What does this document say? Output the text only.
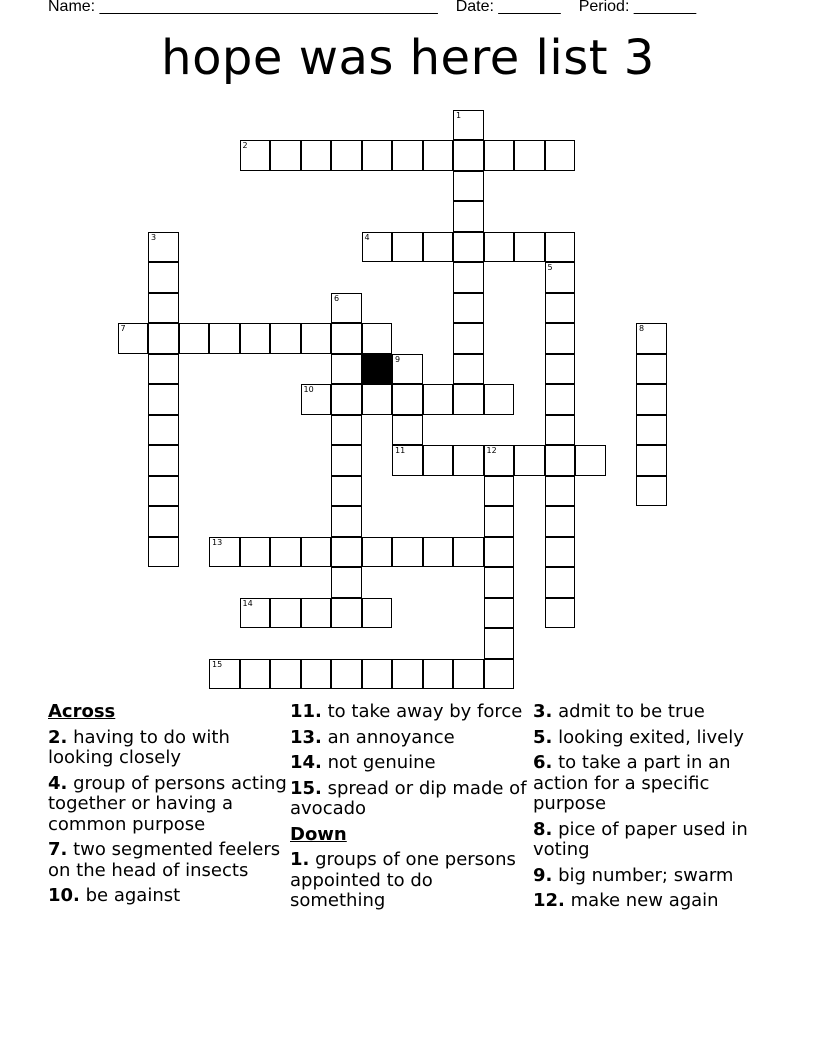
Name: ______________________________________ Date: _______ Period: _______
hope was here list 3
1
2
3	4
5
6
7	8
9
11
10
12
13
14
15
Across
2. having to do with looking closely
4. group of persons acting together or having a common purpose
7. two segmented feelers on the head of insects
10. be against
11. to take away by force
13. an annoyance
14. not genuine
15. spread or dip made of avocado
Down
1. groups of one persons appointed to do something
3. admit to be true
5. looking exited, lively
6. to take a part in an action for a specific purpose
8. pice of paper used in voting
9. big number; swarm
12. make new again
